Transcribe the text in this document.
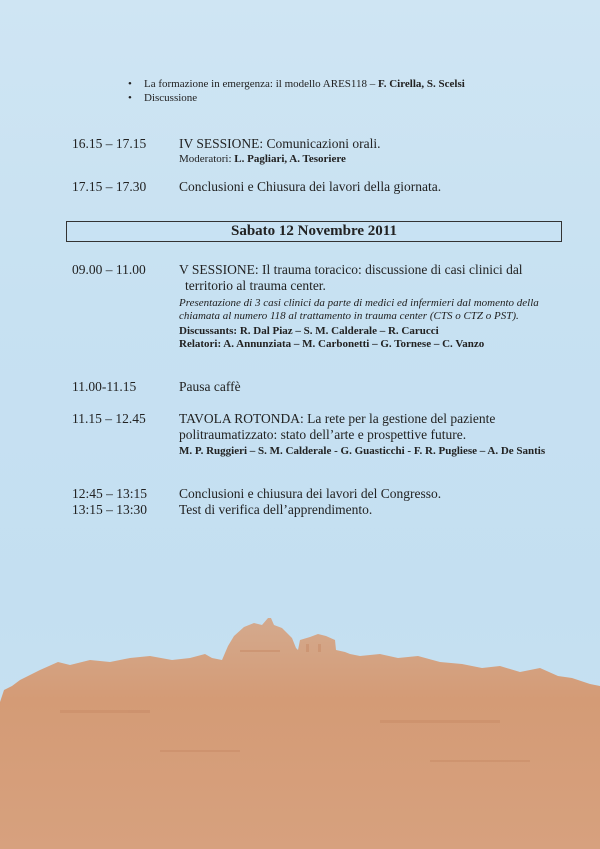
• La formazione in emergenza: il modello ARES118 – F. Cirella, S. Scelsi
• Discussione
16.15 – 17.15	IV SESSIONE: Comunicazioni orali.
Moderatori: L. Pagliari, A. Tesoriere
17.15 – 17.30	Conclusioni e Chiusura dei lavori della giornata.
Sabato 12 Novembre 2011
09.00 – 11.00	V SESSIONE: Il trauma toracico: discussione di casi clinici dal
territorio al trauma center.
Presentazione di 3 casi clinici da parte di medici ed infermieri dal momento della chiamata al numero 118 al trattamento in trauma center (CTS o CTZ o PST).
Discussants: R. Dal Piaz – S. M. Calderale – R. Carucci
Relatori: A. Annunziata – M. Carbonetti – G. Tornese – C. Vanzo
11.00-11.15	Pausa caffè
11.15 – 12.45	TAVOLA ROTONDA: La rete per la gestione del paziente politraumatizzato: stato dell’arte e prospettive future.
M. P. Ruggieri – S. M. Calderale - G. Guasticchi - F. R. Pugliese – A. De Santis
12:45 – 13:15	Conclusioni e chiusura dei lavori del Congresso.
13:15 – 13:30	Test di verifica dell’apprendimento.
